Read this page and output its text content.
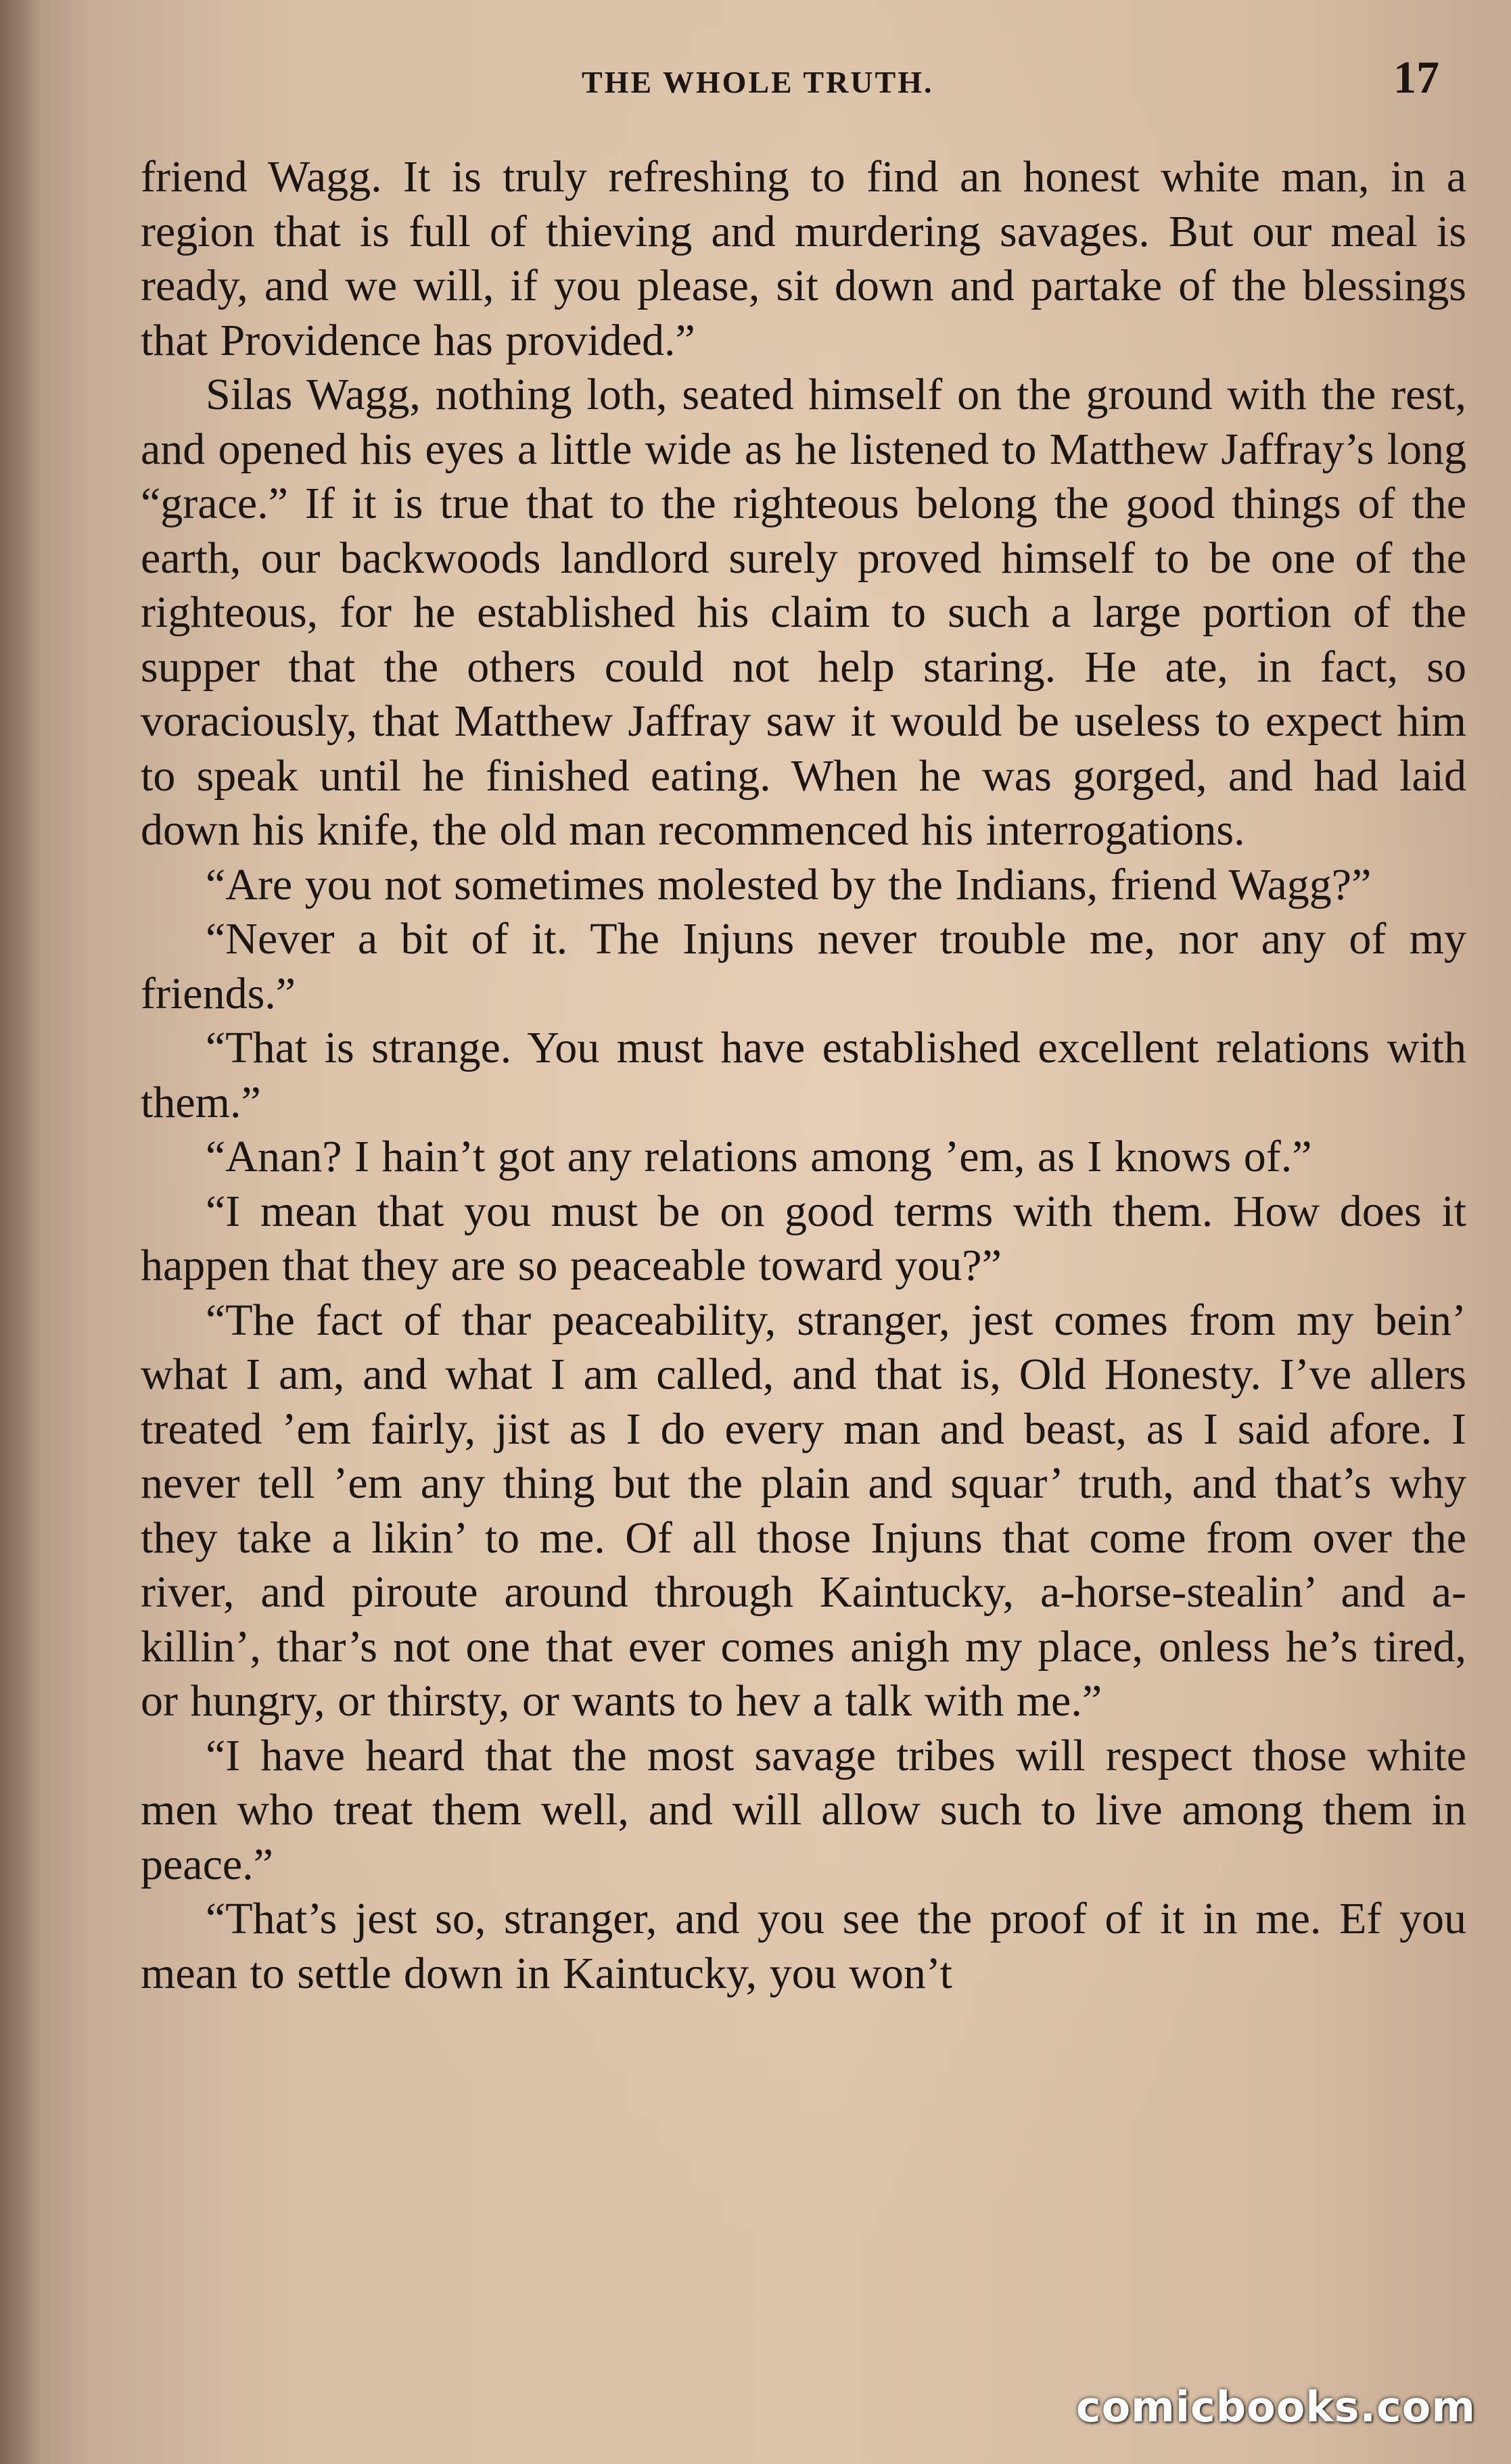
THE WHOLE TRUTH.	17

friend Wagg. It is truly refreshing to find an honest white man, in a region that is full of thieving and murdering savages. But our meal is ready, and we will, if you please, sit down and partake of the blessings that Providence has provided.”

Silas Wagg, nothing loth, seated himself on the ground with the rest, and opened his eyes a little wide as he listened to Matthew Jaffray’s long “grace.” If it is true that to the righteous belong the good things of the earth, our backwoods landlord surely proved himself to be one of the righteous, for he established his claim to such a large portion of the supper that the others could not help staring. He ate, in fact, so voraciously, that Matthew Jaffray saw it would be useless to expect him to speak until he finished eating. When he was gorged, and had laid down his knife, the old man recommenced his interrogations.

“Are you not sometimes molested by the Indians, friend Wagg?”

“Never a bit of it. The Injuns never trouble me, nor any of my friends.”

“That is strange. You must have established excellent relations with them.”

“Anan? I hain’t got any relations among ’em, as I knows of.”

“I mean that you must be on good terms with them. How does it happen that they are so peaceable toward you?”

“The fact of thar peaceability, stranger, jest comes from my bein’ what I am, and what I am called, and that is, Old Honesty. I’ve allers treated ’em fairly, jist as I do every man and beast, as I said afore. I never tell ’em any thing but the plain and squar’ truth, and that’s why they take a likin’ to me. Of all those Injuns that come from over the river, and piroute around through Kaintucky, a-horse-stealin’ and a-killin’, thar’s not one that ever comes anigh my place, onless he’s tired, or hungry, or thirsty, or wants to hev a talk with me.”

“I have heard that the most savage tribes will respect those white men who treat them well, and will allow such to live among them in peace.”

“That’s jest so, stranger, and you see the proof of it in me. Ef you mean to settle down in Kaintucky, you won’t

comicbooks.com
